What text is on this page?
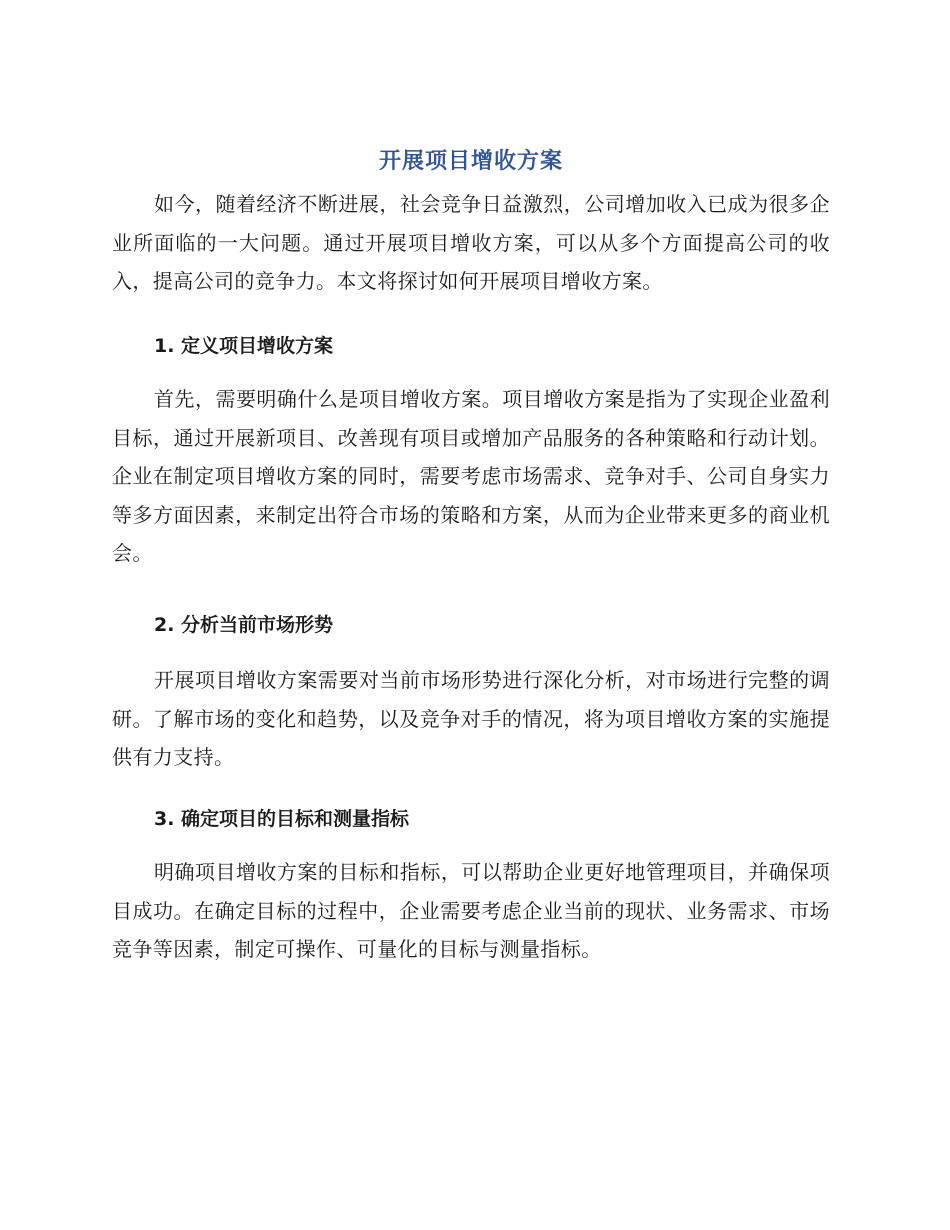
开展项目增收方案

如今，随着经济不断进展，社会竞争日益激烈，公司增加收入已成为很多企业所面临的一大问题。通过开展项目增收方案，可以从多个方面提高公司的收入，提高公司的竞争力。本文将探讨如何开展项目增收方案。

1. 定义项目增收方案

首先，需要明确什么是项目增收方案。项目增收方案是指为了实现企业盈利目标，通过开展新项目、改善现有项目或增加产品服务的各种策略和行动计划。企业在制定项目增收方案的同时，需要考虑市场需求、竞争对手、公司自身实力等多方面因素，来制定出符合市场的策略和方案，从而为企业带来更多的商业机会。

2. 分析当前市场形势

开展项目增收方案需要对当前市场形势进行深化分析，对市场进行完整的调研。了解市场的变化和趋势，以及竞争对手的情况，将为项目增收方案的实施提供有力支持。

3. 确定项目的目标和测量指标

明确项目增收方案的目标和指标，可以帮助企业更好地管理项目，并确保项目成功。在确定目标的过程中，企业需要考虑企业当前的现状、业务需求、市场竞争等因素，制定可操作、可量化的目标与测量指标。
